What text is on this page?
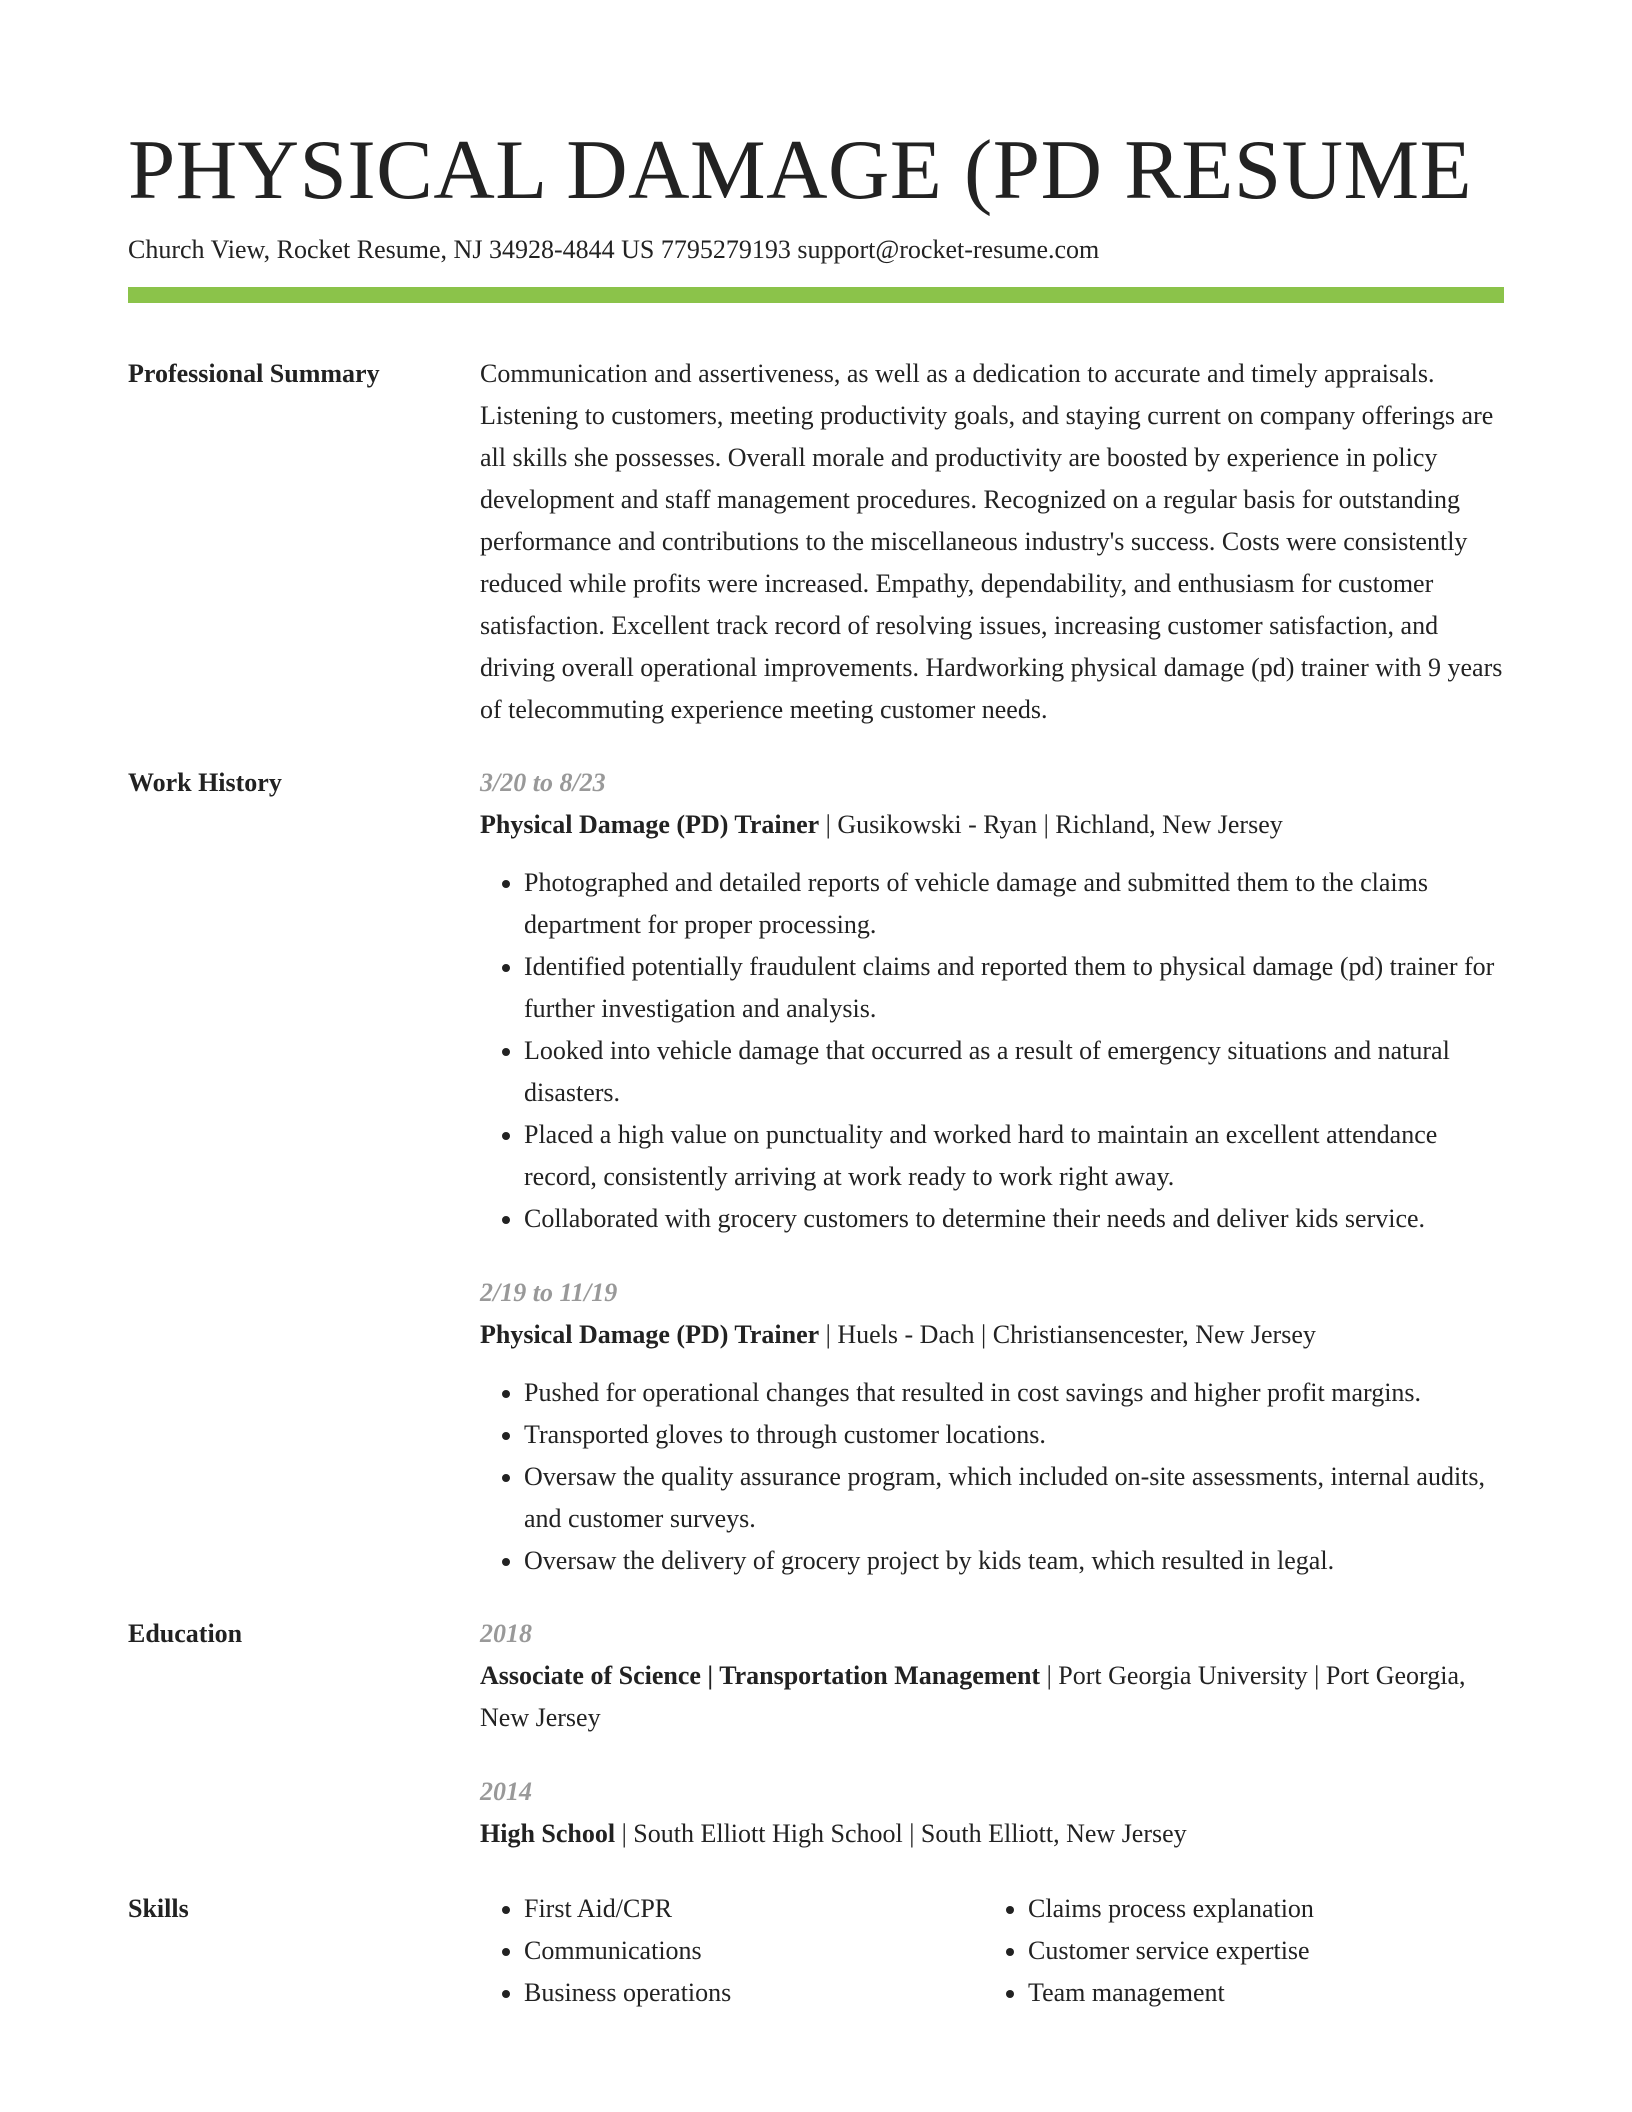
PHYSICAL DAMAGE (PD RESUME
Church View, Rocket Resume, NJ 34928-4844 US 7795279193 support@rocket-resume.com
Professional Summary	Communication and assertiveness, as well as a dedication to accurate and timely appraisals. Listening to customers, meeting productivity goals, and staying current on company offerings are all skills she possesses. Overall morale and productivity are boosted by experience in policy development and staff management procedures. Recognized on a regular basis for outstanding performance and contributions to the miscellaneous industry's success. Costs were consistently reduced while profits were increased. Empathy, dependability, and enthusiasm for customer satisfaction. Excellent track record of resolving issues, increasing customer satisfaction, and driving overall operational improvements. Hardworking physical damage (pd) trainer with 9 years of telecommuting experience meeting customer needs.

Work History	3/20 to 8/23
Physical Damage (PD) Trainer | Gusikowski - Ryan | Richland, New Jersey
• Photographed and detailed reports of vehicle damage and submitted them to the claims department for proper processing.
• Identified potentially fraudulent claims and reported them to physical damage (pd) trainer for further investigation and analysis.
• Looked into vehicle damage that occurred as a result of emergency situations and natural disasters.
• Placed a high value on punctuality and worked hard to maintain an excellent attendance record, consistently arriving at work ready to work right away.
• Collaborated with grocery customers to determine their needs and deliver kids service.
2/19 to 11/19
Physical Damage (PD) Trainer | Huels - Dach | Christiansencester, New Jersey
• Pushed for operational changes that resulted in cost savings and higher profit margins.
• Transported gloves to through customer locations.
• Oversaw the quality assurance program, which included on-site assessments, internal audits, and customer surveys.
• Oversaw the delivery of grocery project by kids team, which resulted in legal.
Education	2018
Associate of Science | Transportation Management | Port Georgia University | Port Georgia, New Jersey
2014
High School | South Elliott High School | South Elliott, New Jersey
Skills
•	First Aid/CPR
• Communications
• Business operations
• Claims process explanation
• Customer service expertise
• Team management
